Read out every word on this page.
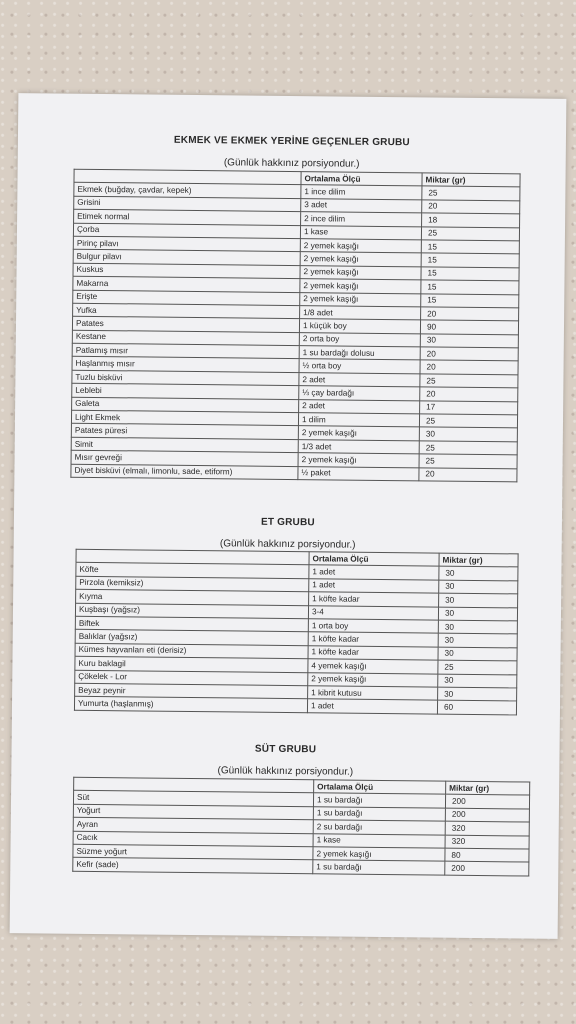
EKMEK VE EKMEK YERİNE GEÇENLER GRUBU
(Günlük hakkınız porsiyondur.)
	Ortalama Ölçü	Miktar (gr)
Ekmek (buğday, çavdar, kepek)	1 ince dilim	25
Grisini	3 adet	20
Etimek normal	2 ince dilim	18
Çorba	1 kase	25
Pirinç pilavı	2 yemek kaşığı	15
Bulgur pilavı	2 yemek kaşığı	15
Kuskus	2 yemek kaşığı	15
Makarna	2 yemek kaşığı	15
Erişte	2 yemek kaşığı	15
Yufka	1/8 adet	20
Patates	1 küçük boy	90
Kestane	2 orta boy	30
Patlamış mısır	1 su bardağı dolusu	20
Haşlanmış mısır	½ orta boy	20
Tuzlu bisküvi	2 adet	25
Leblebi	⅓ çay bardağı	20
Galeta	2 adet	17
Light Ekmek	1 dilim	25
Patates püresi	2 yemek kaşığı	30
Simit	1/3 adet	25
Mısır gevreği	2 yemek kaşığı	25
Diyet bisküvi (elmalı, limonlu, sade, etiform)	½ paket	20
ET GRUBU
(Günlük hakkınız porsiyondur.)
	Ortalama Ölçü	Miktar (gr)
Köfte	1 adet	30
Pirzola (kemiksiz)	1 adet	30
Kıyma	1 köfte kadar	30
Kuşbaşı (yağsız)	3-4	30
Biftek	1 orta boy	30
Balıklar (yağsız)	1 köfte kadar	30
Kümes hayvanları eti (derisiz)	1 köfte kadar	30
Kuru baklagil	4 yemek kaşığı	25
Çökelek - Lor	2 yemek kaşığı	30
Beyaz peynir	1 kibrit kutusu	30
Yumurta (haşlanmış)	1 adet	60
SÜT GRUBU
(Günlük hakkınız porsiyondur.)
	Ortalama Ölçü	Miktar (gr)
Süt	1 su bardağı	200
Yoğurt	1 su bardağı	200
Ayran	2 su bardağı	320
Cacık	1 kase	320
Süzme yoğurt	2 yemek kaşığı	80
Kefir (sade)	1 su bardağı	200
